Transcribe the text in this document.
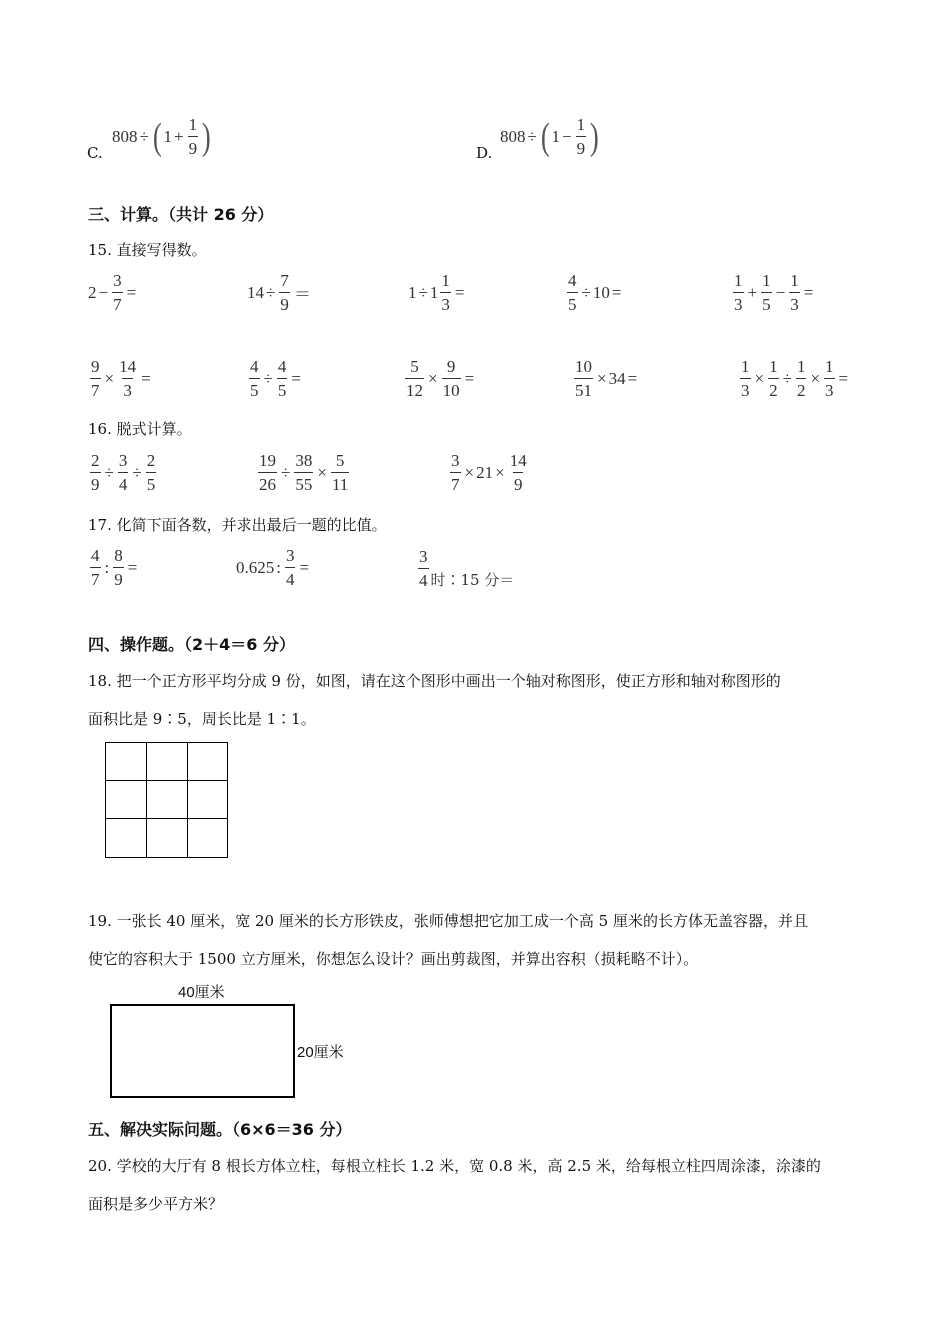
C.
808 ÷ ( $1 + \frac{1}{9}$ )	D.
808 ÷ ( $1 - \frac{1}{9}$ )
三、计算。（共计 26 分）
15. 直接写得数。
$2 - \frac{3}{7}$ =	$14 \div \frac{7}{9}$ ＝	$1 \div 1 \frac{1}{3}$ =	$\frac{4}{5} \div 10$ =	$\frac{1}{3} + \frac{1}{5} - \frac{1}{3}$ =
$\frac{9}{7} \times \frac{14}{3}$ =	$\frac{4}{5} \div \frac{4}{5}$ =	$\frac{5}{12} \times \frac{9}{10}$ =	$\frac{10}{51} \times 34$ =	$\frac{1}{3} \times \frac{1}{2} \div \frac{1}{2} \times \frac{1}{3}$ =
16. 脱式计算。
$\frac{2}{9} \div \frac{3}{4} \div \frac{2}{5}$	$\frac{19}{26} \div \frac{38}{55} \times \frac{5}{11}$	$\frac{3}{7} \times 21 \times \frac{14}{9}$
17. 化简下面各数，并求出最后一题的比值。
$\frac{4}{7}$ : $\frac{8}{9}$ =	0.625 : $\frac{3}{4}$ =	$\frac{3}{4}$ 时∶15 分＝
四、操作题。（2＋4＝6 分）
18. 把一个正方形平均分成 9 份，如图，请在这个图形中画出一个轴对称图形，使正方形和轴对称图形的
面积比是 9∶5，周长比是 1∶1。
19. 一张长 40 厘米，宽 20 厘米的长方形铁皮，张师傅想把它加工成一个高 5 厘米的长方体无盖容器，并且
使它的容积大于 1500 立方厘米，你想怎么设计？画出剪裁图，并算出容积（损耗略不计）。
40厘米
20厘米
五、解决实际问题。（6×6＝36 分）
20. 学校的大厅有 8 根长方体立柱，每根立柱长 1.2 米，宽 0.8 米，高 2.5 米，给每根立柱四周涂漆，涂漆的
面积是多少平方米？
